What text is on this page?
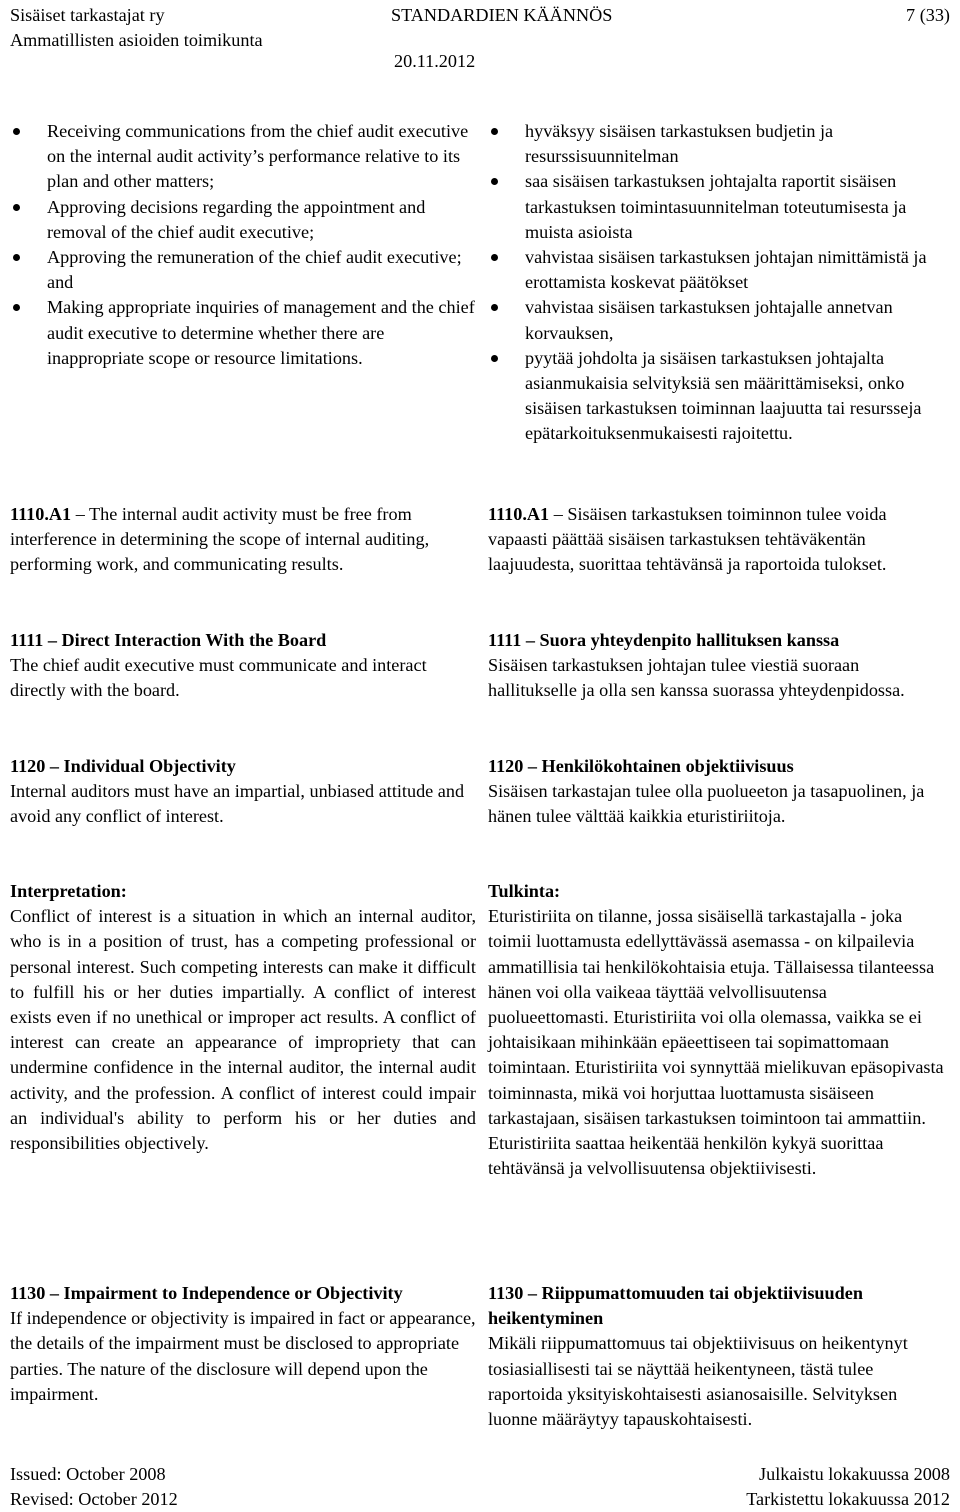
Sisäiset tarkastajat ry
Ammatillisten asioiden toimikunta
STANDARDIEN KÄÄNNÖS
20.11.2012
7 (33)
Receiving communications from the chief audit executive on the internal audit activity’s performance relative to its plan and other matters;
Approving decisions regarding the appointment and removal of the chief audit executive;
Approving the remuneration of the chief audit executive; and
Making appropriate inquiries of management and the chief audit executive to determine whether there are inappropriate scope or resource limitations.

1110.A1 – The internal audit activity must be free from interference in determining the scope of internal auditing, performing work, and communicating results.

1111 – Direct Interaction With the Board

The chief audit executive must communicate and interact directly with the board.

1120 – Individual Objectivity

Internal auditors must have an impartial, unbiased attitude and avoid any conflict of interest.

Interpretation:

Conflict of interest is a situation in which an internal auditor, who is in a position of trust, has a competing professional or personal interest. Such competing interests can make it difficult to fulfill his or her duties impartially. A conflict of interest exists even if no unethical or improper act results. A conflict of interest can create an appearance of impropriety that can undermine confidence in the internal auditor, the internal audit activity, and the profession. A conflict of interest could impair an individual's ability to perform his or her duties and responsibilities objectively.

1130 – Impairment to Independence or Objectivity

If independence or objectivity is impaired in fact or appearance, the details of the impairment must be disclosed to appropriate parties. The nature of the disclosure will depend upon the impairment.

hyväksyy sisäisen tarkastuksen budjetin ja resurssisuunnitelman
saa sisäisen tarkastuksen johtajalta raportit sisäisen tarkastuksen toimintasuunnitelman toteutumisesta ja muista asioista
vahvistaa sisäisen tarkastuksen johtajan nimittämistä ja erottamista koskevat päätökset
vahvistaa sisäisen tarkastuksen johtajalle annetvan korvauksen,
pyytää johdolta ja sisäisen tarkastuksen johtajalta asianmukaisia selvityksiä sen määrittämiseksi, onko sisäisen tarkastuksen toiminnan laajuutta tai resursseja epätarkoituksenmukaisesti rajoitettu.

1110.A1 – Sisäisen tarkastuksen toiminnon tulee voida vapaasti päättää sisäisen tarkastuksen tehtäväkentän laajuudesta, suorittaa tehtävänsä ja raportoida tulokset.

1111 – Suora yhteydenpito hallituksen kanssa

Sisäisen tarkastuksen johtajan tulee viestiä suoraan hallitukselle ja olla sen kanssa suorassa yhteydenpidossa.

1120 – Henkilökohtainen objektiivisuus

Sisäisen tarkastajan tulee olla puolueeton ja tasapuolinen, ja hänen tulee välttää kaikkia eturistiriitoja.

Tulkinta:

Eturistiriita on tilanne, jossa sisäisellä tarkastajalla - joka toimii luottamusta edellyttävässä asemassa - on kilpailevia ammatillisia tai henkilökohtaisia etuja. Tällaisessa tilanteessa hänen voi olla vaikeaa täyttää velvollisuutensa puolueettomasti. Eturistiriita voi olla olemassa, vaikka se ei johtaisikaan mihinkään epäeettiseen tai sopimattomaan toimintaan. Eturistiriita voi synnyttää mielikuvan epäsopivasta toiminnasta, mikä voi horjuttaa luottamusta sisäiseen tarkastajaan, sisäisen tarkastuksen toimintoon tai ammattiin. Eturistiriita saattaa heikentää henkilön kykyä suorittaa tehtävänsä ja velvollisuutensa objektiivisesti.

1130 – Riippumattomuuden tai objektiivisuuden heikentyminen

Mikäli riippumattomuus tai objektiivisuus on heikentynyt tosiasiallisesti tai se näyttää heikentyneen, tästä tulee raportoida yksityiskohtaisesti asianosaisille. Selvityksen luonne määräytyy tapauskohtaisesti.

Issued: October 2008
Revised: October 2012
Julkaistu lokakuussa 2008
Tarkistettu lokakuussa 2012
